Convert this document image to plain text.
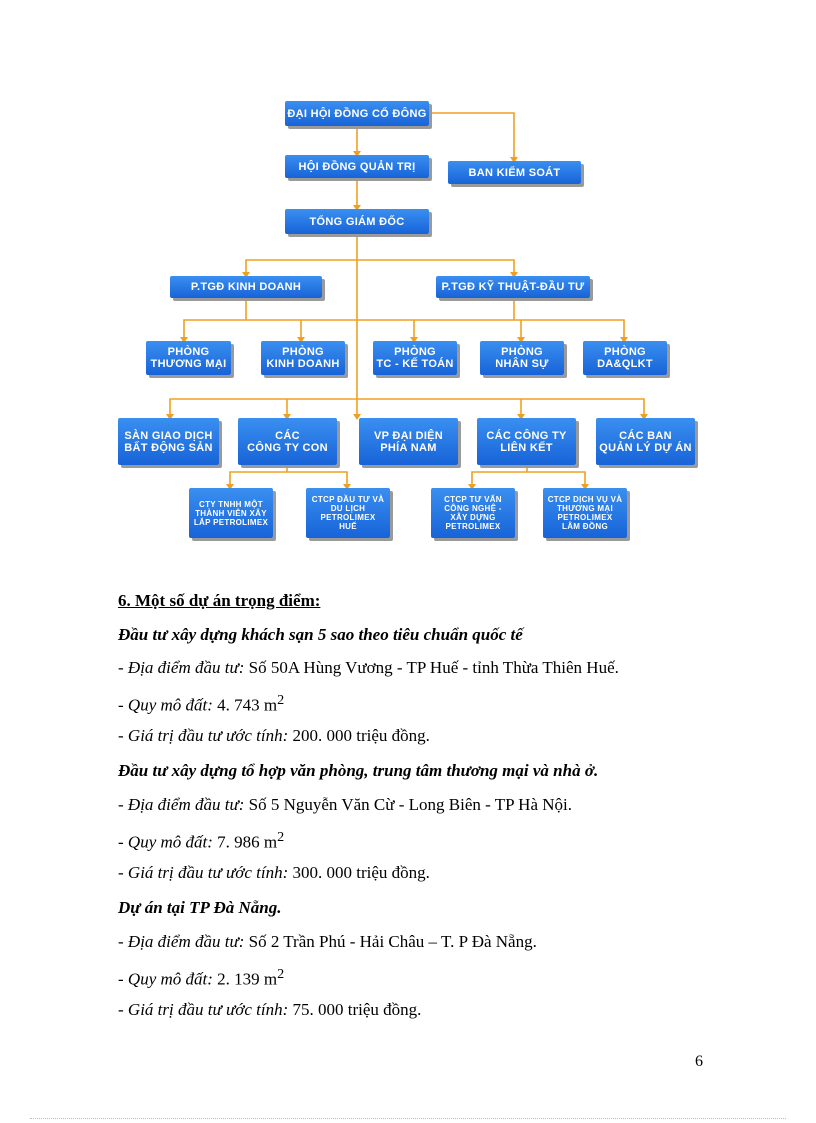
ĐẠI HỘI ĐỒNG CỔ ĐÔNG
HỘI ĐỒNG QUẢN TRỊ	BAN KIỂM SOÁT
TỔNG GIÁM ĐỐC
P.TGĐ KINH DOANH	P.TGĐ KỸ THUẬT-ĐẦU TƯ
PHÒNG
THƯƠNG MẠI
PHÒNG
KINH DOANH
PHÒNG
TC - KẾ TOÁN
PHÒNG
NHÂN SỰ
PHÒNG
DA&QLKT
SÀN GIAO DỊCH
BẤT ĐỘNG SẢN
CÁC
CÔNG TY CON
VP ĐẠI DIỆN
PHÍA NAM
CÁC CÔNG TY
LIÊN KẾT
CÁC BAN
QUẢN LÝ DỰ ÁN
CTY TNHH MỘT
THÀNH VIÊN XÂY
LẮP PETROLIMEX
CTCP ĐẦU TƯ VÀ
DU LỊCH
PETROLIMEX
HUẾ
CTCP TƯ VẤN
CÔNG NGHỆ -
XÂY DỰNG
PETROLIMEX
CTCP DỊCH VỤ VÀ
THƯƠNG MẠI
PETROLIMEX
LÂM ĐỒNG
6. Một số dự án trọng điểm:
Đầu tư xây dựng khách sạn 5 sao theo tiêu chuẩn quốc tế
- Địa điểm đầu tư: Số 50A Hùng Vương - TP Huế - tỉnh Thừa Thiên Huế.
- Quy mô đất: 4. 743 $m^2$
- Giá trị đầu tư ước tính: 200. 000 triệu đồng.
Đầu tư xây dựng tổ hợp văn phòng, trung tâm thương mại và nhà ở.
- Địa điểm đầu tư: Số 5 Nguyễn Văn Cừ - Long Biên - TP Hà Nội.
- Quy mô đất: 7. 986 $m^2$
- Giá trị đầu tư ước tính: 300. 000 triệu đồng.
Dự án tại TP Đà Nẵng.
- Địa điểm đầu tư: Số 2 Trần Phú - Hải Châu – T. P Đà Nẵng.
- Quy mô đất: 2. 139 $m^2$
- Giá trị đầu tư ước tính: 75. 000 triệu đồng.
6
